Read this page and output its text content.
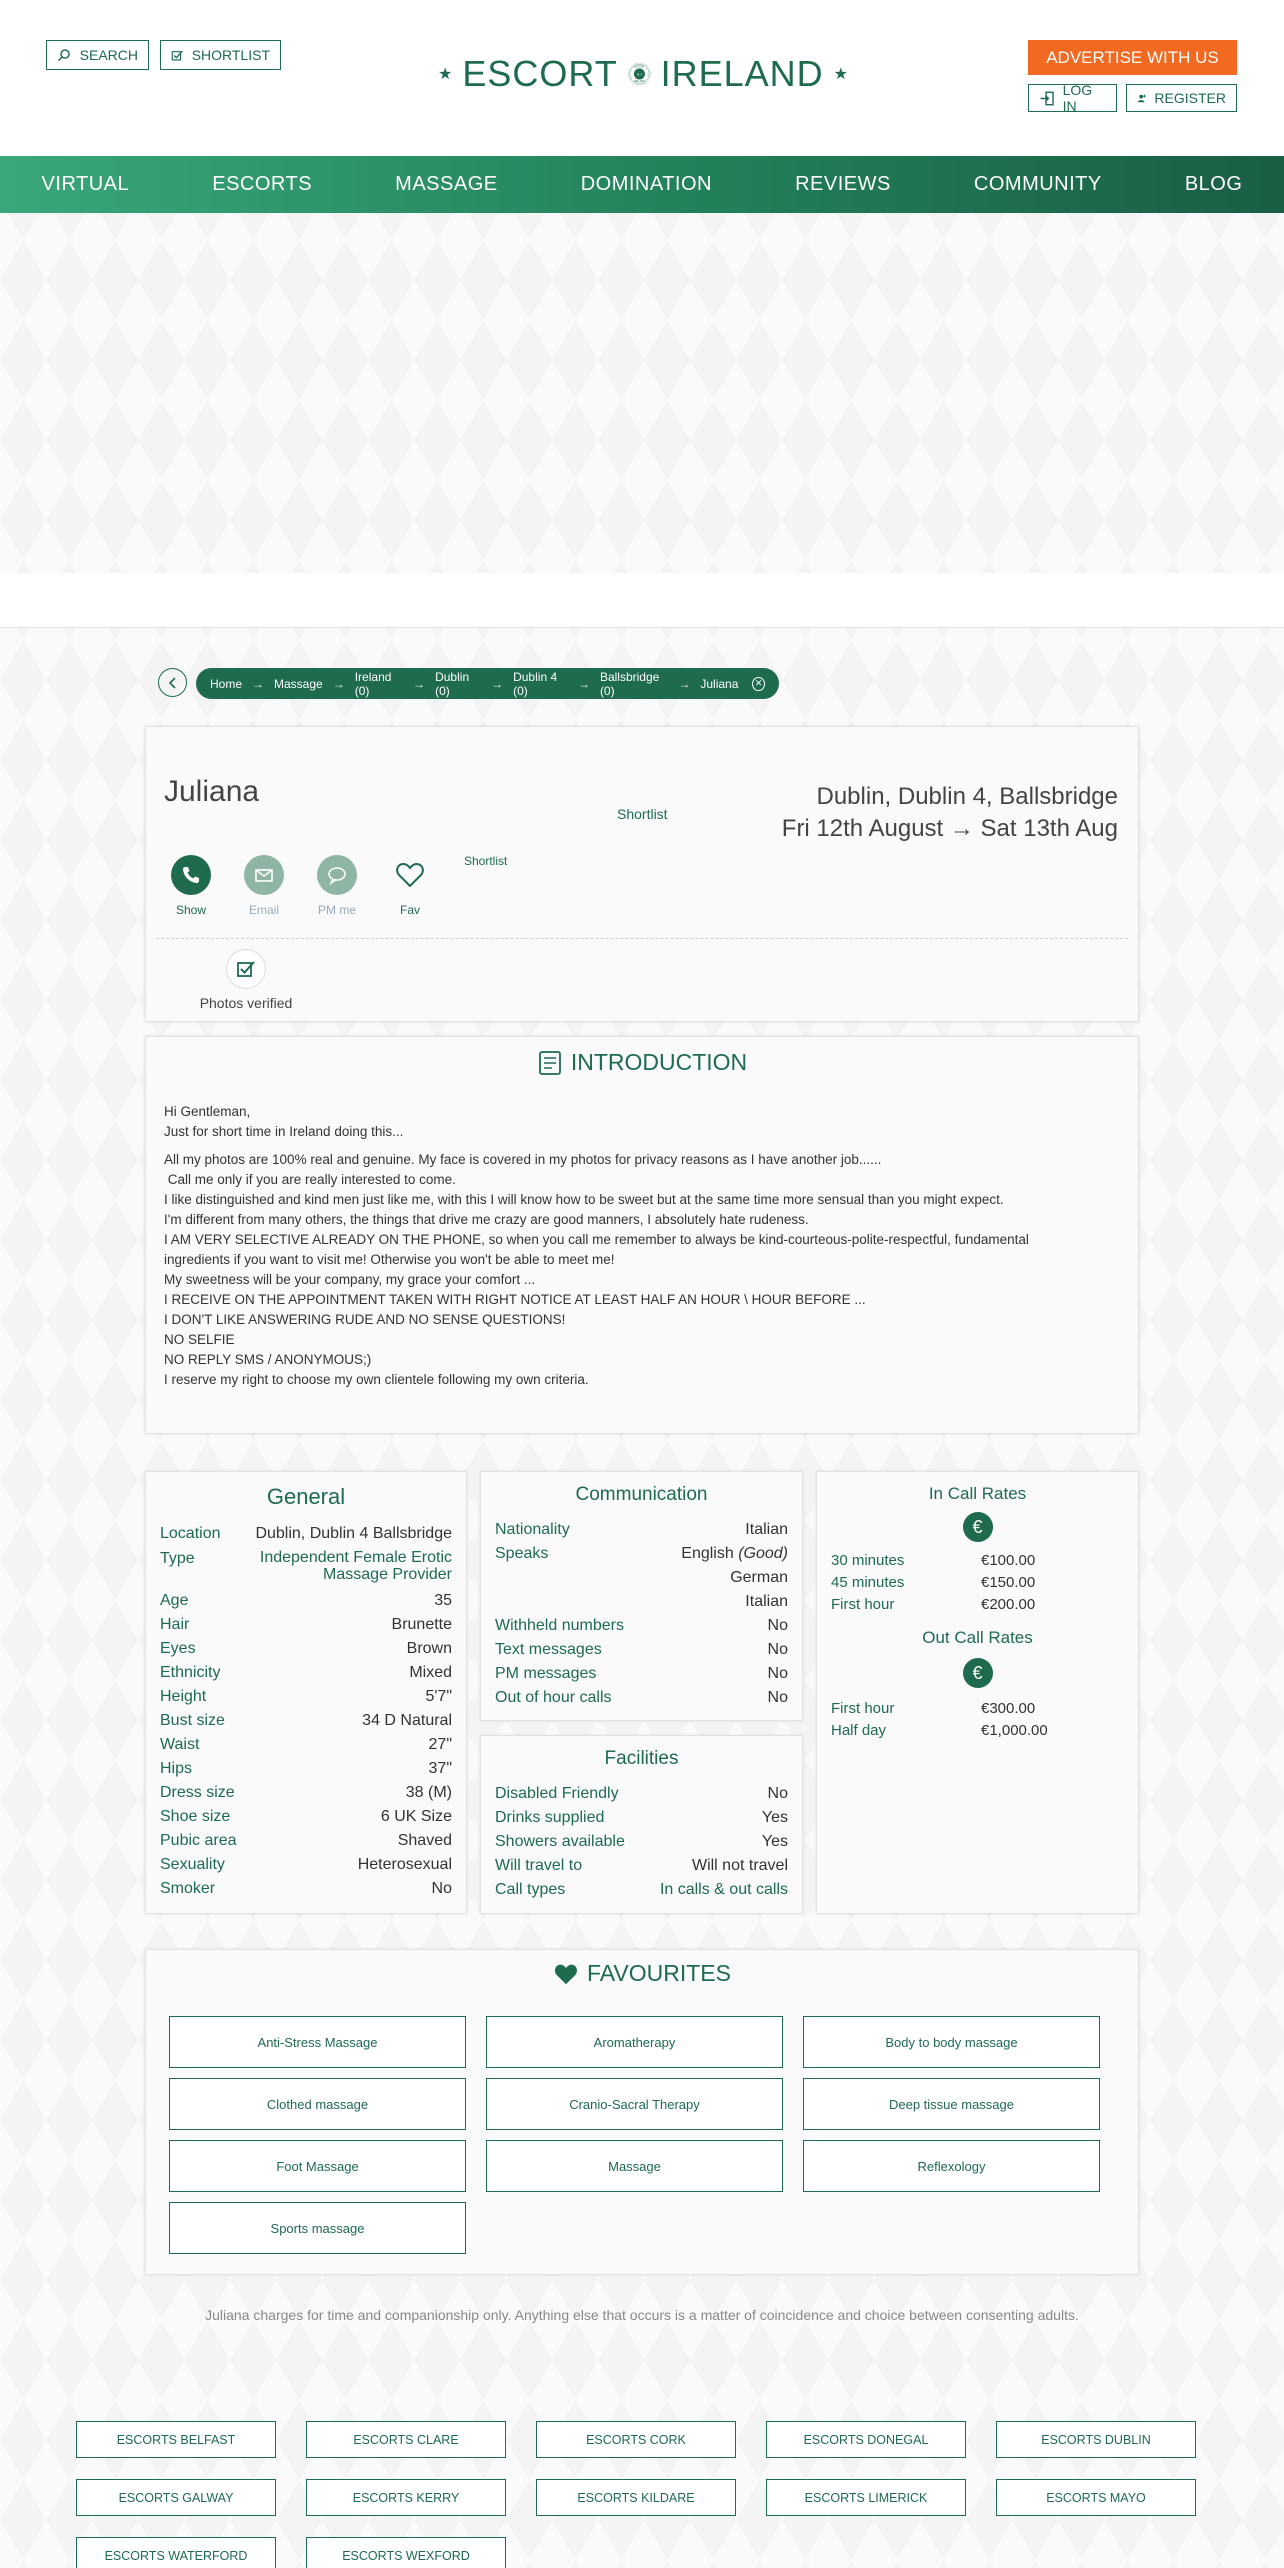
SEARCH	SHORTLIST
★ ESCORT ESCORT
E·I
IRELAND IRELAND ★
ADVERTISE WITH US
LOG IN	REGISTER
VIRTUAL	ESCORTS	MASSAGE	DOMINATION	REVIEWS	COMMUNITY	BLOG
Home → Massage → Ireland (0)	→ Dublin (0)	→ Dublin 4 (0)	→ Ballsbridge (0)	→ Juliana ✕
Juliana
Shortlist
Dublin, Dublin 4, Ballsbridge
Fri 12th August → Sat 13th Aug
Show	Email	PM me	Fav
Shortlist
Photos verified
INTRODUCTION

Hi Gentleman,

Just for short time in Ireland doing this...

All my photos are 100% real and genuine. My face is covered in my photos for privacy reasons as I have another job......

Call me only if you are really interested to come.

I like distinguished and kind men just like me, with this I will know how to be sweet but at the same time more sensual than you might expect.

I'm different from many others, the things that drive me crazy are good manners, I absolutely hate rudeness.

I AM VERY SELECTIVE ALREADY ON THE PHONE, so when you call me remember to always be kind-courteous-polite-respectful, fundamental ingredients if you want to visit me! Otherwise you won't be able to meet me!

My sweetness will be your company, my grace your comfort ...

I RECEIVE ON THE APPOINTMENT TAKEN WITH RIGHT NOTICE AT LEAST HALF AN HOUR \ HOUR BEFORE ...

I DON'T LIKE ANSWERING RUDE AND NO SENSE QUESTIONS!

NO SELFIE

NO REPLY SMS / ANONYMOUS;)

I reserve my right to choose my own clientele following my own criteria.

General
Location Dublin, Dublin 4 Ballsbridge
Type	Independent Female Erotic Massage Provider
Age	35
Hair	Brunette
Eyes	Brown
Ethnicity	Mixed
Height	5'7"
Bust size	34 D Natural
Waist	27"
Hips	37"
Dress size	38 (M)
Shoe size	6 UK Size
Pubic area	Shaved
Sexuality	Heterosexual
Smoker	No
Communication
Nationality	Italian
Speaks	English (Good)
German
Italian
Withheld numbers	No
Text messages	No
PM messages	No
Out of hour calls	No
Facilities
Disabled Friendly	No
Drinks supplied	Yes
Showers available	Yes
Will travel to	Will not travel
Call types	In calls & out calls
In Call Rates
€
30 minutes	€100.00
45 minutes	€150.00
First hour	€200.00
Out Call Rates
€
First hour	€300.00
Half day	€1,000.00
FAVOURITES
Anti-Stress Massage	Aromatherapy	Body to body massage
Clothed massage	Cranio-Sacral Therapy	Deep tissue massage
Foot Massage	Massage	Reflexology
Sports massage
Juliana charges for time and companionship only. Anything else that occurs is a matter of coincidence and choice between consenting adults.
ESCORTS BELFAST	ESCORTS CLARE	ESCORTS CORK	ESCORTS DONEGAL	ESCORTS DUBLIN
ESCORTS GALWAY	ESCORTS KERRY	ESCORTS KILDARE	ESCORTS LIMERICK	ESCORTS MAYO
ESCORTS WATERFORD	ESCORTS WEXFORD
